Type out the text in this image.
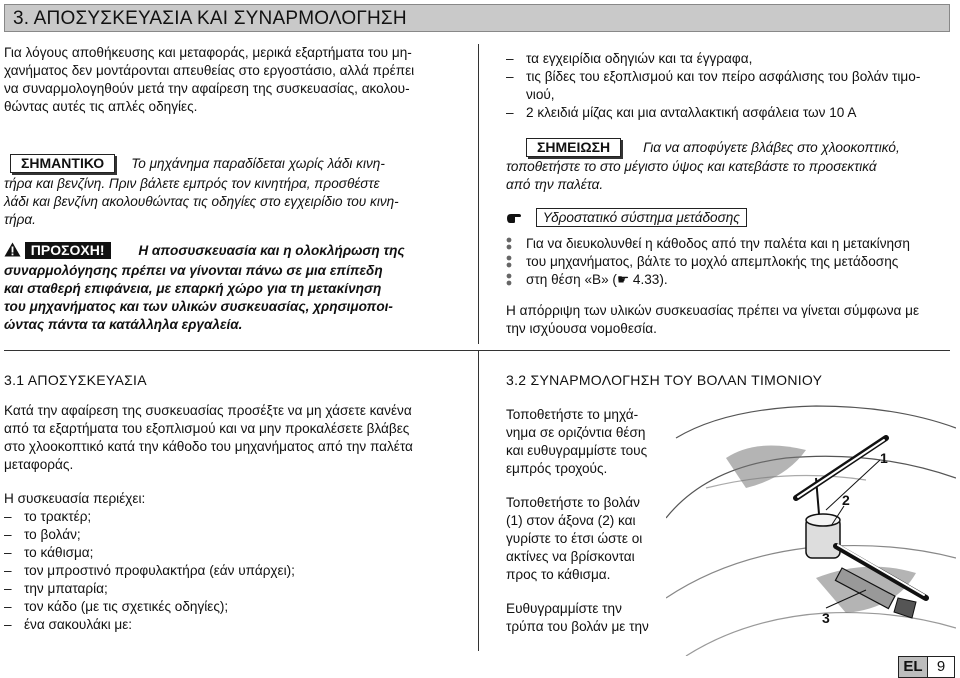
3. ΑΠΟΣΥΣΚΕΥΑΣΙΑ ΚΑΙ ΣΥΝΑΡΜΟΛΟΓΗΣΗ

Για λόγους αποθήκευσης και μεταφοράς, μερικά εξαρτήματα του μη-

χανήματος δεν μοντάρονται απευθείας στο εργοστάσιο, αλλά πρέπει

να συναρμολογηθούν μετά την αφαίρεση της συσκευασίας, ακολου-

θώντας αυτές τις απλές οδηγίες.

ΣΗΜΑΝΤΙΚΟ Το μηχάνημα παραδίδεται χωρίς λάδι κινη-

τήρα και βενζίνη. Πριν βάλετε εμπρός τον κινητήρα, προσθέστε

λάδι και βενζίνη ακολουθώντας τις οδηγίες στο εγχειρίδιο του κινη-

τήρα.

ΠΡΟΣΟΧΗ! Η αποσυσκευασία και η ολοκλήρωση της

συναρμολόγησης πρέπει να γίνονται πάνω σε μια επίπεδη

και σταθερή επιφάνεια, με επαρκή χώρο για τη μετακίνηση

του μηχανήματος και των υλικών συσκευασίας, χρησιμοποι-

ώντας πάντα τα κατάλληλα εργαλεία.

– τα εγχειρίδια οδηγιών και τα έγγραφα,
– τις βίδες του εξοπλισμού και τον πείρο ασφάλισης του βολάν τιμο-

νιού,

– 2 κλειδιά μίζας και μια ανταλλακτική ασφάλεια των 10 Α
ΣΗΜΕΙΩΣΗ Για να αποφύγετε βλάβες στο χλοοκοπτικό,

τοποθετήστε το στο μέγιστο ύψος και κατεβάστε το προσεκτικά

από την παλέτα.

Υδροστατικό σύστημα μετάδοσης

Για να διευκολυνθεί η κάθοδος από την παλέτα και η μετακίνηση

του μηχανήματος, βάλτε το μοχλό απεμπλοκής της μετάδοσης

στη θέση «B» (☛ 4.33).

Η απόρριψη των υλικών συσκευασίας πρέπει να γίνεται σύμφωνα με

την ισχύουσα νομοθεσία.

3.1 ΑΠΟΣΥΣΚΕΥΑΣΙΑ

Κατά την αφαίρεση της συσκευασίας προσέξτε να μη χάσετε κανένα

από τα εξαρτήματα του εξοπλισμού και να μην προκαλέσετε βλάβες

στο χλοοκοπτικό κατά την κάθοδο του μηχανήματος από την παλέτα

μεταφοράς.

Η συσκευασία περιέχει:

– το τρακτέρ;
– το βολάν;
– το κάθισμα;
– τον μπροστινό προφυλακτήρα (εάν υπάρχει);
– την μπαταρία;
– τον κάδο (με τις σχετικές οδηγίες);
– ένα σακουλάκι με:
3.2 ΣΥΝΑΡΜΟΛΟΓΗΣΗ ΤΟΥ ΒΟΛΑΝ ΤΙΜΟΝΙΟΥ

Τοποθετήστε το μηχά-

νημα σε οριζόντια θέση

και ευθυγραμμίστε τους

εμπρός τροχούς.

Τοποθετήστε το βολάν

(1) στον άξονα (2) και

γυρίστε το έτσι ώστε οι

ακτίνες να βρίσκονται

προς το κάθισμα.

Ευθυγραμμίστε την

τρύπα του βολάν με την

1
2
3
EL 9
